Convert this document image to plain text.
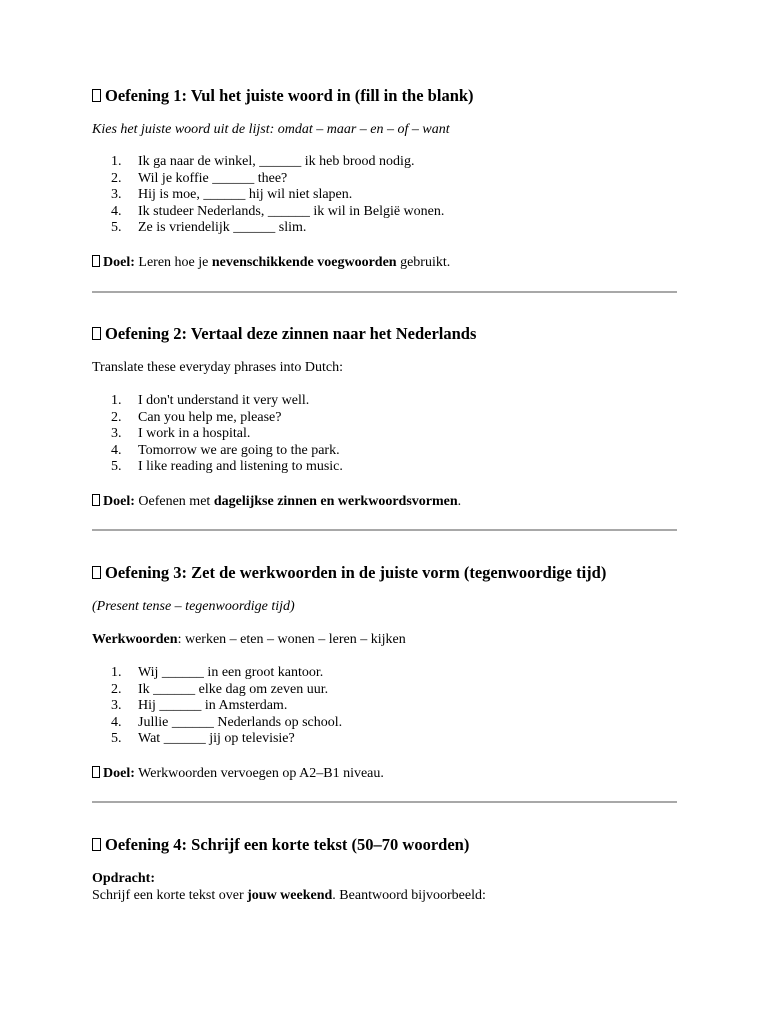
Oefening 1: Vul het juiste woord in (fill in the blank)

Kies het juiste woord uit de lijst: omdat – maar – en – of – want

1. Ik ga naar de winkel, ______ ik heb brood nodig.
2. Wil je koffie ______ thee?
3. Hij is moe, ______ hij wil niet slapen.
4. Ik studeer Nederlands, ______ ik wil in België wonen.
5. Ze is vriendelijk ______ slim.
Doel: Leren hoe je nevenschikkende voegwoorden gebruikt.
Oefening 2: Vertaal deze zinnen naar het Nederlands

Translate these everyday phrases into Dutch:

1. I don't understand it very well.
2. Can you help me, please?
3. I work in a hospital.
4. Tomorrow we are going to the park.
5. I like reading and listening to music.
Doel: Oefenen met dagelijkse zinnen en werkwoordsvormen.
Oefening 3: Zet de werkwoorden in de juiste vorm (tegenwoordige tijd)

(Present tense – tegenwoordige tijd)

Werkwoorden: werken – eten – wonen – leren – kijken

1. Wij ______ in een groot kantoor.
2. Ik ______ elke dag om zeven uur.
3. Hij ______ in Amsterdam.
4. Jullie ______ Nederlands op school.
5. Wat ______ jij op televisie?
Doel: Werkwoorden vervoegen op A2–B1 niveau.
Oefening 4: Schrijf een korte tekst (50–70 woorden)

Opdracht:

Schrijf een korte tekst over jouw weekend. Beantwoord bijvoorbeeld:
